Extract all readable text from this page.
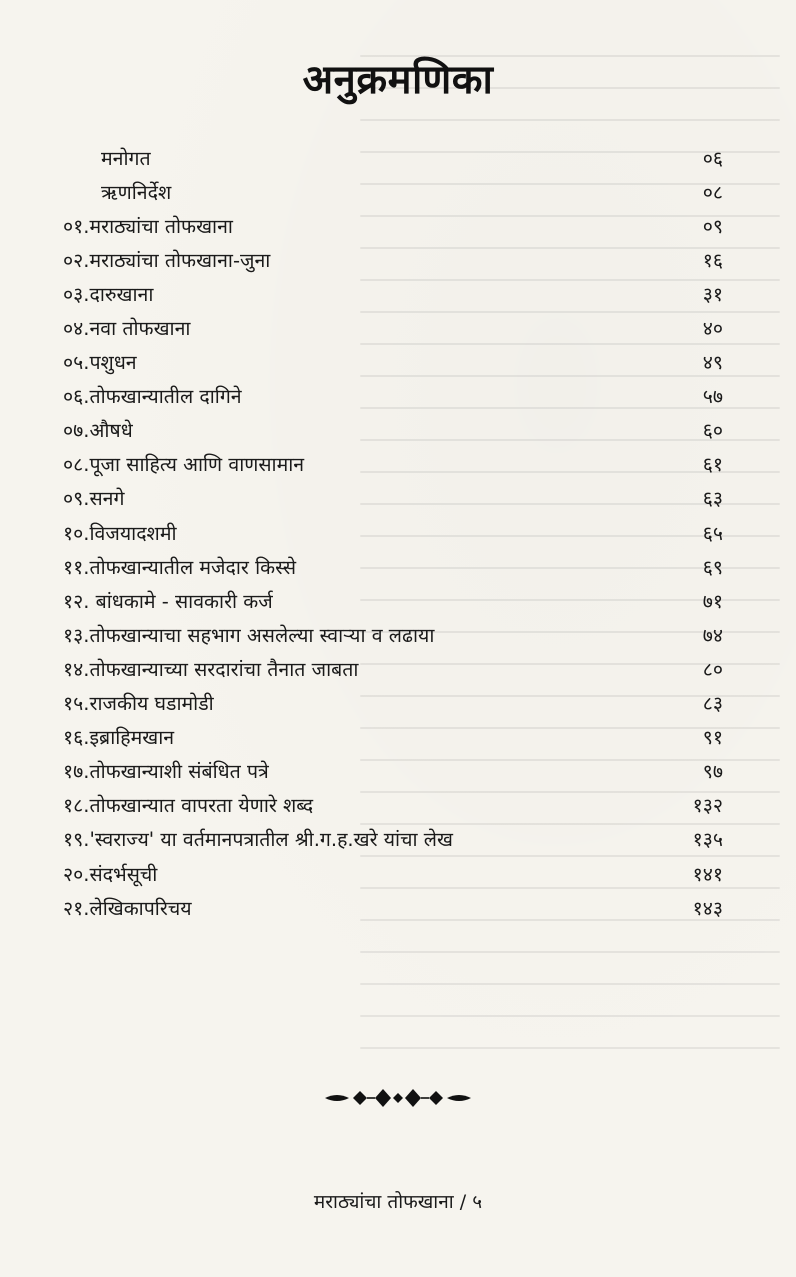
अनुक्रमणिका
मनोगत	०६
ऋणनिर्देश	०८
०१.मराठ्यांचा तोफखाना	०९
०२.मराठ्यांचा तोफखाना-जुना	१६
०३.दारुखाना	३१
०४.नवा तोफखाना	४०
०५.पशुधन	४९
०६.तोफखान्यातील दागिने	५७
०७.औषधे	६०
०८.पूजा साहित्य आणि वाणसामान	६१
०९.सनगे	६३
१०.विजयादशमी	६५
११.तोफखान्यातील मजेदार किस्से	६९
१२. बांधकामे - सावकारी कर्ज	७१
१३.तोफखान्याचा सहभाग असलेल्या स्वाऱ्या व लढाया	७४
१४.तोफखान्याच्या सरदारांचा तैनात जाबता	८०
१५.राजकीय घडामोडी	८३
१६.इब्राहिमखान	९१
१७.तोफखान्याशी संबंधित पत्रे	९७
१८.तोफखान्यात वापरता येणारे शब्द	१३२
१९.'स्वराज्य' या वर्तमानपत्रातील श्री.ग.ह.खरे यांचा लेख	१३५
२०.संदर्भसूची	१४१
२१.लेखिकापरिचय	१४३
मराठ्यांचा तोफखाना / ५
